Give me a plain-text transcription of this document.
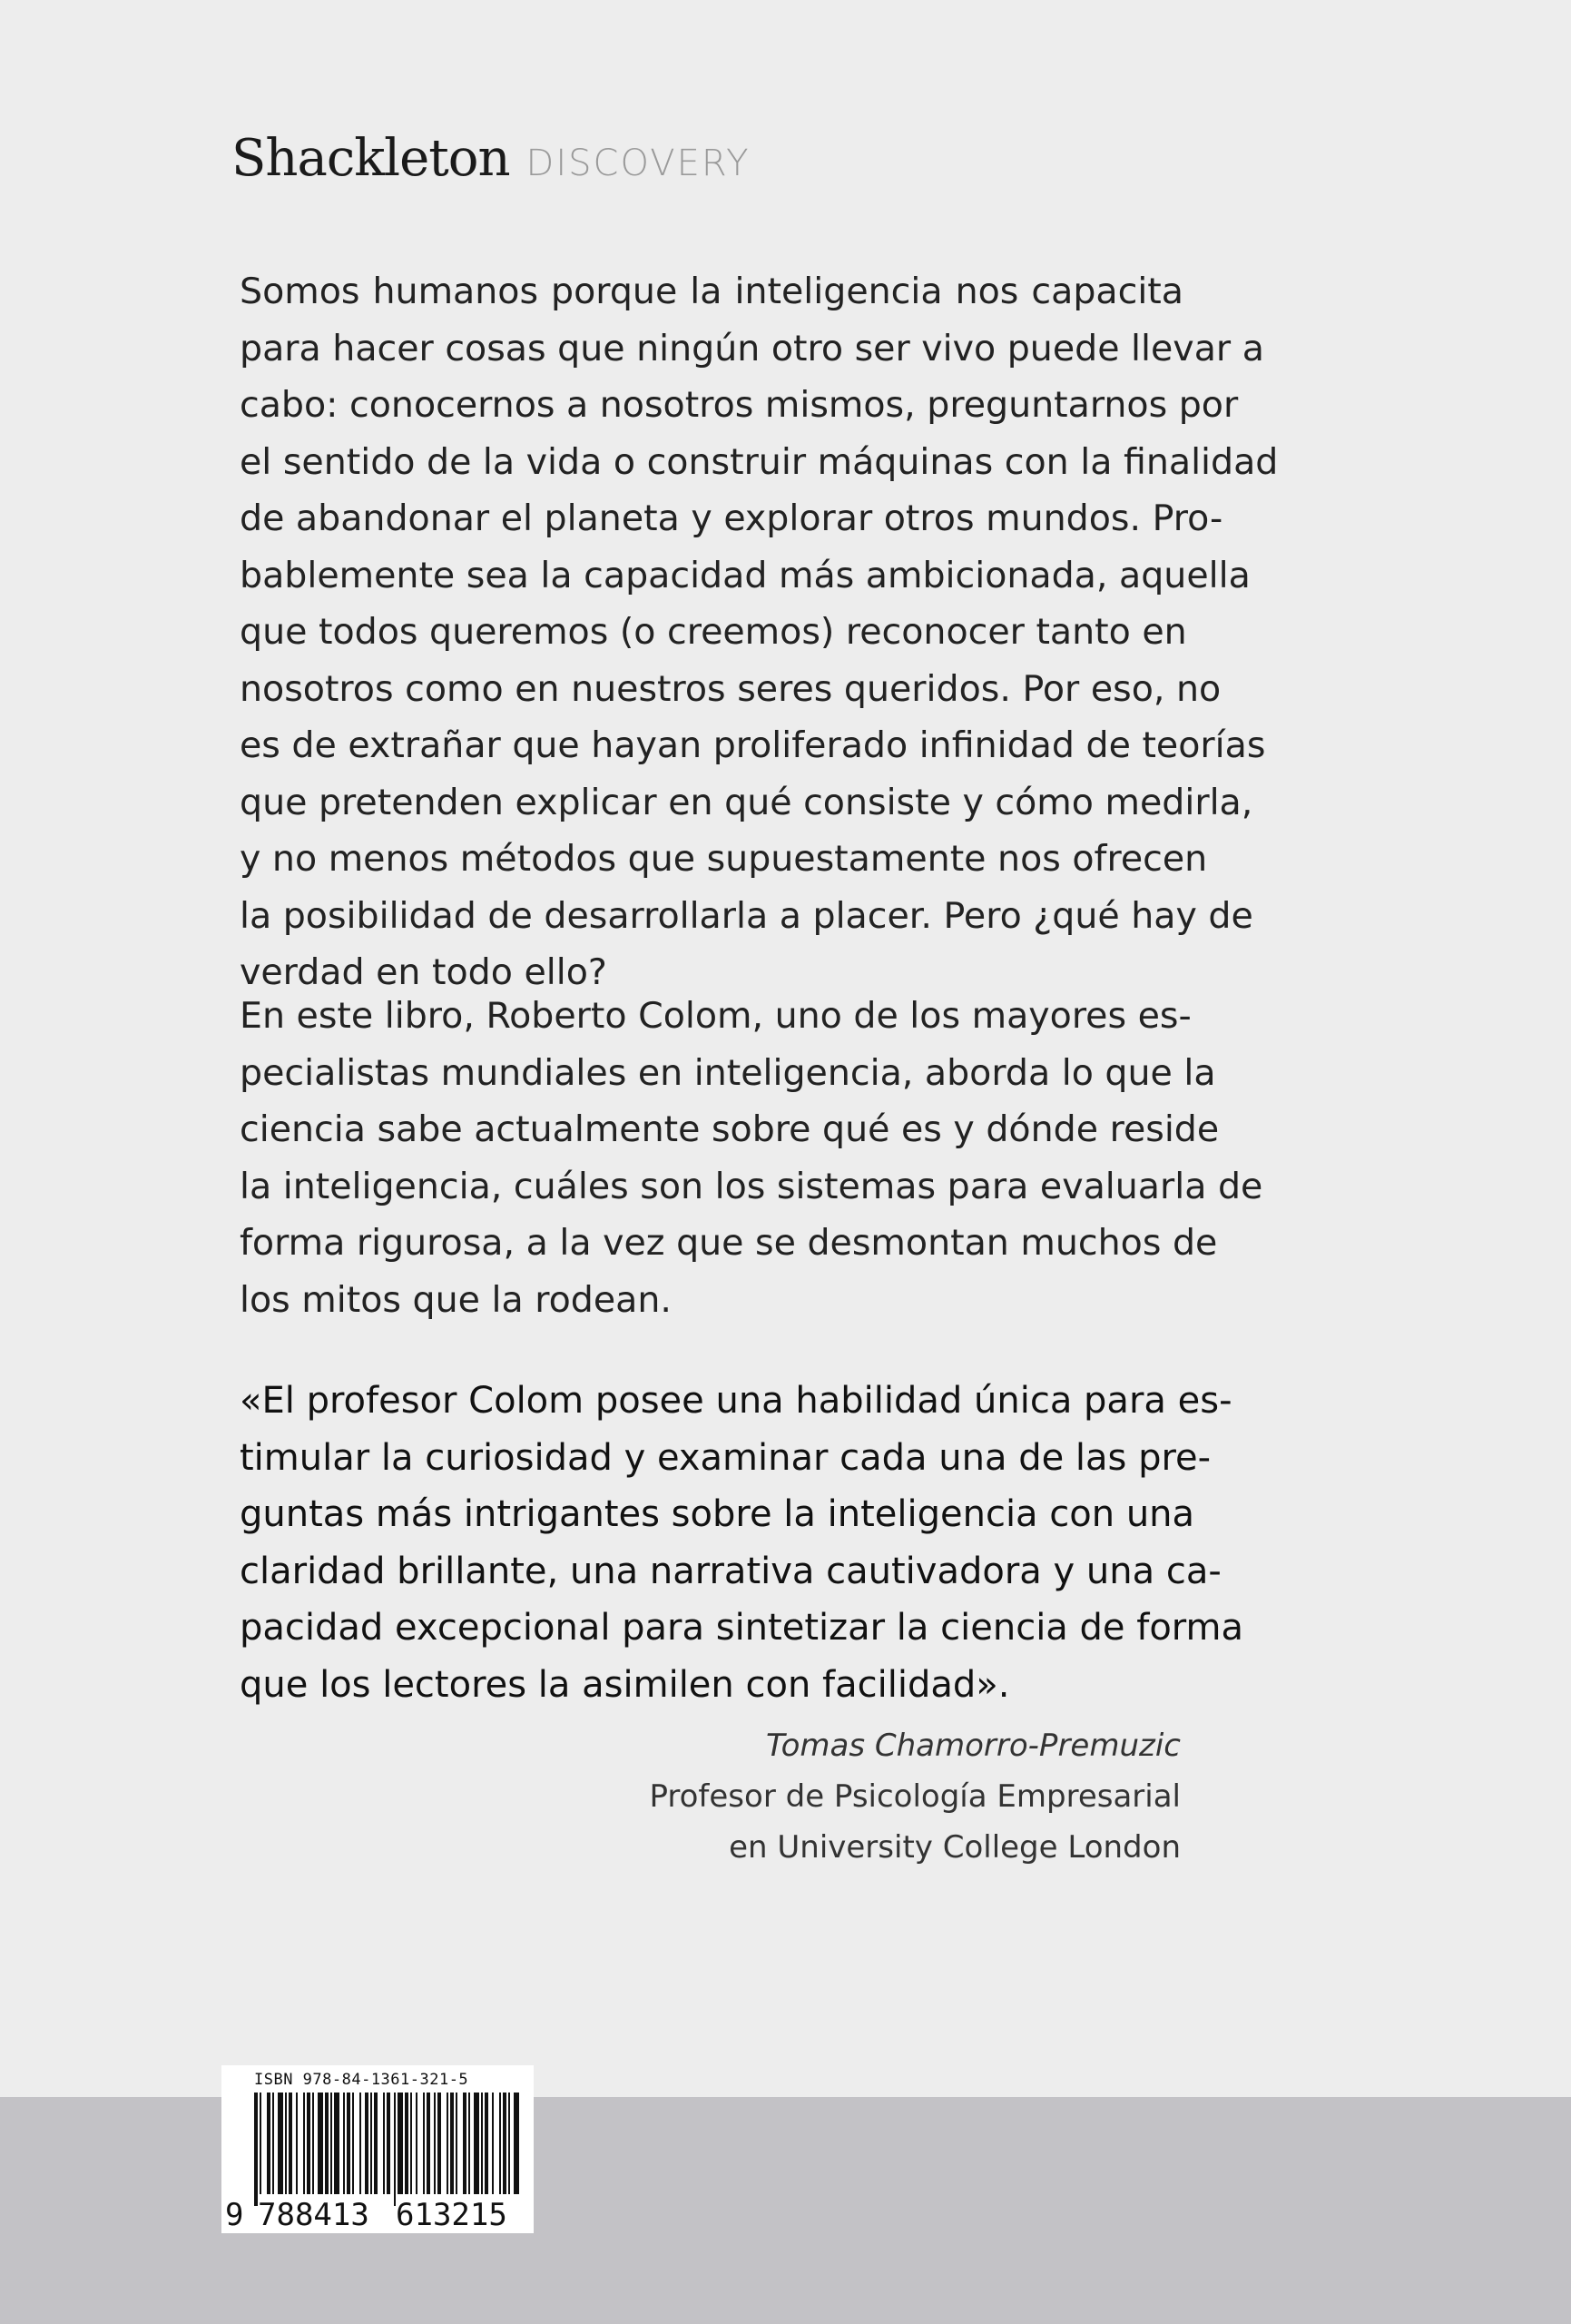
Shackleton DISCOVERY
Somos humanos porque la inteligencia nos capacita
para hacer cosas que ningún otro ser vivo puede llevar a
cabo: conocernos a nosotros mismos, preguntarnos por
el sentido de la vida o construir máquinas con la finalidad
de abandonar el planeta y explorar otros mundos. Pro-
bablemente sea la capacidad más ambicionada, aquella
que todos queremos (o creemos) reconocer tanto en
nosotros como en nuestros seres queridos. Por eso, no
es de extrañar que hayan proliferado infinidad de teorías
que pretenden explicar en qué consiste y cómo medirla,
y no menos métodos que supuestamente nos ofrecen
la posibilidad de desarrollarla a placer. Pero ¿qué hay de
verdad en todo ello?
En este libro, Roberto Colom, uno de los mayores es-
pecialistas mundiales en inteligencia, aborda lo que la
ciencia sabe actualmente sobre qué es y dónde reside
la inteligencia, cuáles son los sistemas para evaluarla de
forma rigurosa, a la vez que se desmontan muchos de
los mitos que la rodean.
«El profesor Colom posee una habilidad única para es-
timular la curiosidad y examinar cada una de las pre-
guntas más intrigantes sobre la inteligencia con una
claridad brillante, una narrativa cautivadora y una ca-
pacidad excepcional para sintetizar la ciencia de forma
que los lectores la asimilen con facilidad».
Tomas Chamorro-Premuzic
Profesor de Psicología Empresarial
en University College London
ISBN 978-84-1361-321-5
9 788413 613215
